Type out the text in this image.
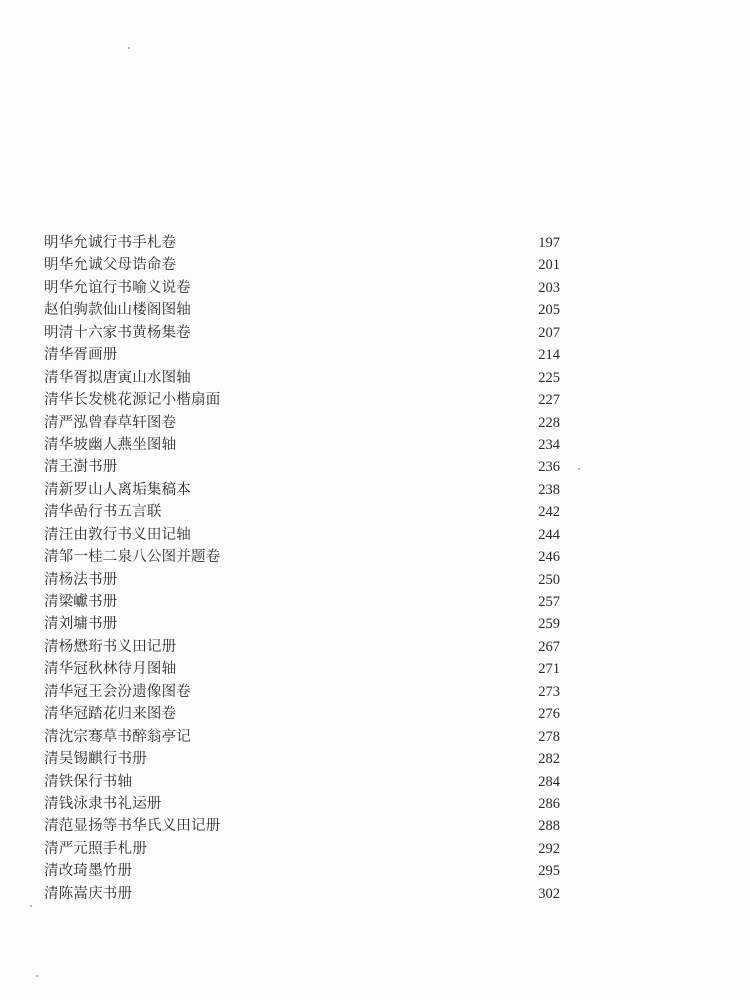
明华允诚行书手札卷	197
明华允诚父母诰命卷	201
明华允谊行书喻义说卷	203
赵伯驹款仙山楼阁图轴	205
明清十六家书黄杨集卷	207
清华胥画册	214
清华胥拟唐寅山水图轴	225
清华长发桃花源记小楷扇面	227
清严泓曾春草轩图卷	228
清华坡幽人燕坐图轴	234
清王澍书册	236
清新罗山人离垢集稿本	238
清华嵒行书五言联	242
清汪由敦行书义田记轴	244
清邹一桂二泉八公图并题卷	246
清杨法书册	250
清梁巘书册	257
清刘墉书册	259
清杨懋珩书义田记册	267
清华冠秋林待月图轴	271
清华冠王会汾遗像图卷	273
清华冠踏花归来图卷	276
清沈宗骞草书醉翁亭记	278
清吴锡麒行书册	282
清铁保行书轴	284
清钱泳隶书礼运册	286
清范显扬等书华氏义田记册	288
清严元照手札册	292
清改琦墨竹册	295
清陈嵩庆书册	302
